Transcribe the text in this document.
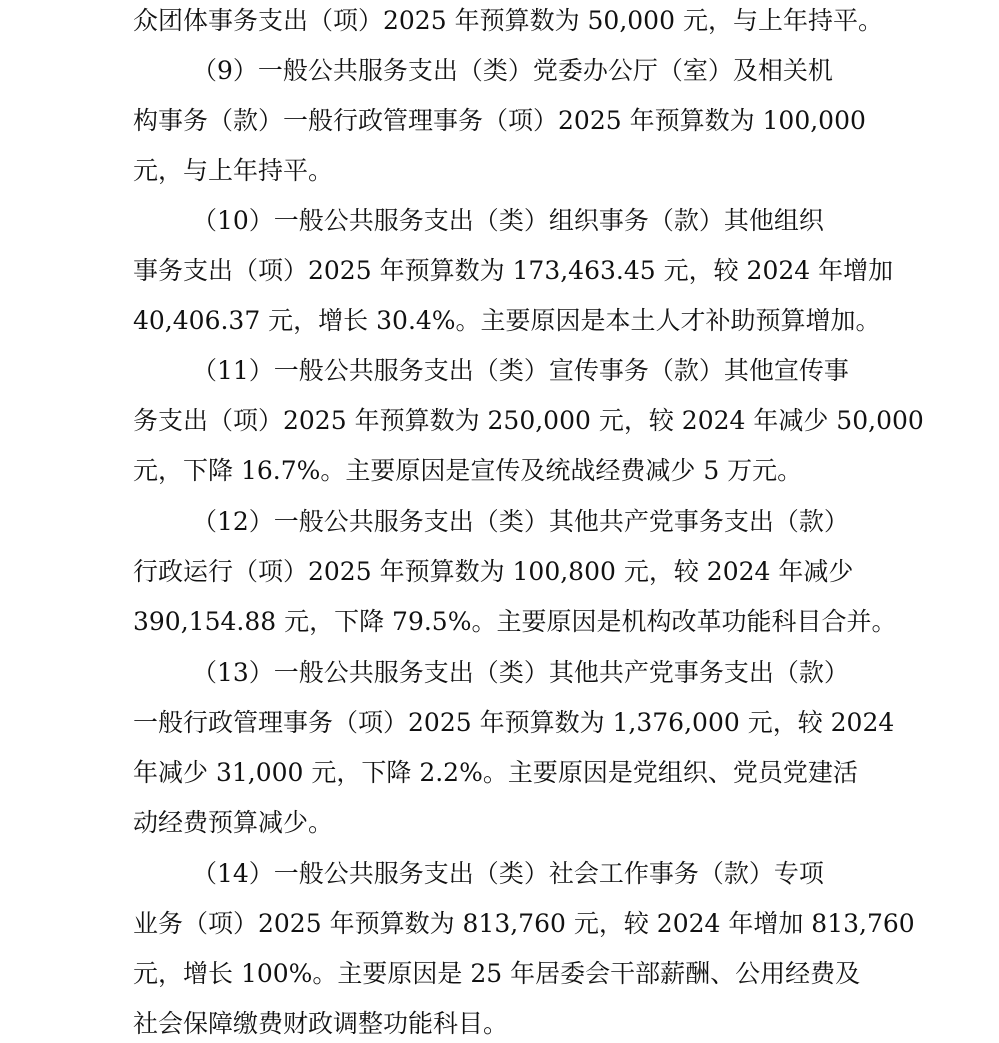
众团体事务支出（项）2025 年预算数为 50,000 元，与上年持平。
（9）一般公共服务支出（类）党委办公厅（室）及相关机
构事务（款）一般行政管理事务（项）2025 年预算数为 100,000
元，与上年持平。
（10）一般公共服务支出（类）组织事务（款）其他组织
事务支出（项）2025 年预算数为 173,463.45 元，较 2024 年增加
40,406.37 元，增长 30.4%。主要原因是本土人才补助预算增加。
（11）一般公共服务支出（类）宣传事务（款）其他宣传事
务支出（项）2025 年预算数为 250,000 元，较 2024 年减少 50,000
元，下降 16.7%。主要原因是宣传及统战经费减少 5 万元。
（12）一般公共服务支出（类）其他共产党事务支出（款）
行政运行（项）2025 年预算数为 100,800 元，较 2024 年减少
390,154.88 元，下降 79.5%。主要原因是机构改革功能科目合并。
（13）一般公共服务支出（类）其他共产党事务支出（款）
一般行政管理事务（项）2025 年预算数为 1,376,000 元，较 2024
年减少 31,000 元，下降 2.2%。主要原因是党组织、党员党建活
动经费预算减少。
（14）一般公共服务支出（类）社会工作事务（款）专项
业务（项）2025 年预算数为 813,760 元，较 2024 年增加 813,760
元，增长 100%。主要原因是 25 年居委会干部薪酬、公用经费及
社会保障缴费财政调整功能科目。
